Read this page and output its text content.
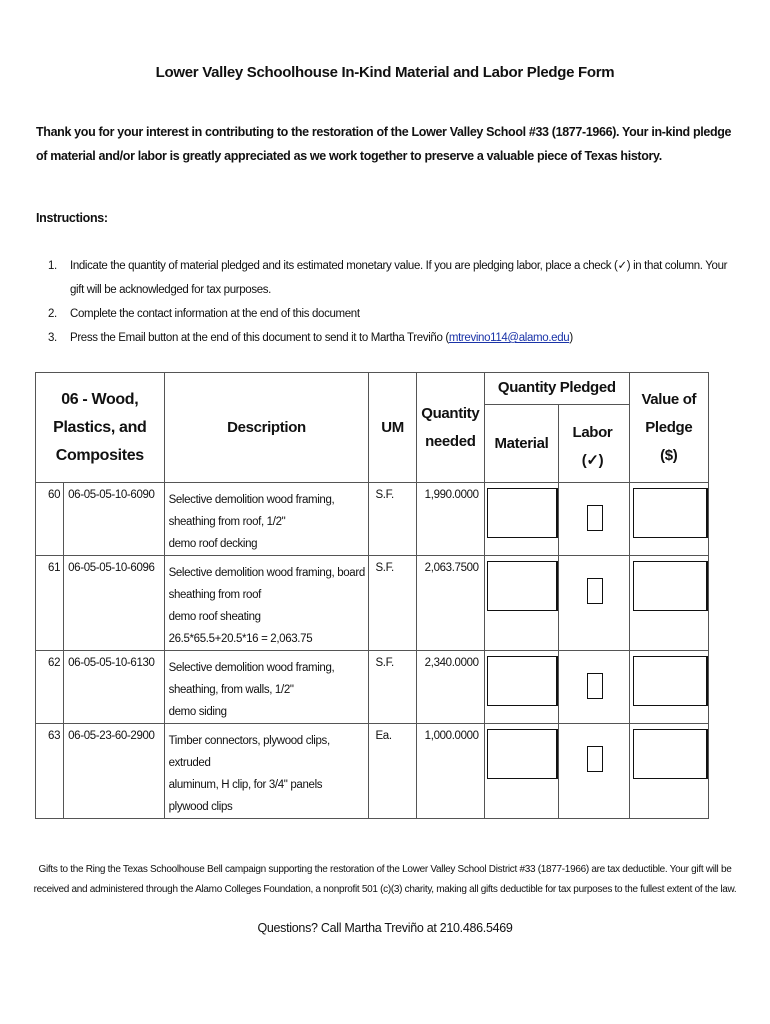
Lower Valley Schoolhouse In-Kind Material and Labor Pledge Form
Thank you for your interest in contributing to the restoration of the Lower Valley School #33 (1877-1966). Your in-kind pledge of material and/or labor is greatly appreciated as we work together to preserve a valuable piece of Texas history.
Instructions:
1. Indicate the quantity of material pledged and its estimated monetary value. If you are pledging labor, place a check (✓) in that column. Your gift will be acknowledged for tax purposes.
2. Complete the contact information at the end of this document
3. Press the Email button at the end of this document to send it to Martha Treviño (mtrevino114@alamo.edu)
06 - Wood, Plastics, and Composites		Description	UM	Quantity needed	Quantity Pledged
Material
Labor (✓)		Value of Pledge ($)

60	06-05-05-10-6090	Selective demolition wood framing,
sheathing from roof, 1/2"
demo roof decking	S.F.	1,990.0000	

61	06-05-05-10-6096	Selective demolition wood framing, board
sheathing from roof
demo roof sheating
26.5*65.5+20.5*16 = 2,063.75	S.F.	2,063.7500	

62	06-05-05-10-6130	Selective demolition wood framing,
sheathing, from walls, 1/2"
demo siding	S.F.	2,340.0000	

63	06-05-23-60-2900	Timber connectors, plywood clips, extruded
aluminum, H clip, for 3/4" panels
plywood clips	Ea.	1,000.0000	

Gifts to the Ring the Texas Schoolhouse Bell campaign supporting the restoration of the Lower Valley School District #33 (1877-1966) are tax deductible. Your gift will be received and administered through the Alamo Colleges Foundation, a nonprofit 501 (c)(3) charity, making all gifts deductible for tax purposes to the fullest extent of the law.
Questions? Call Martha Treviño at 210.486.5469
